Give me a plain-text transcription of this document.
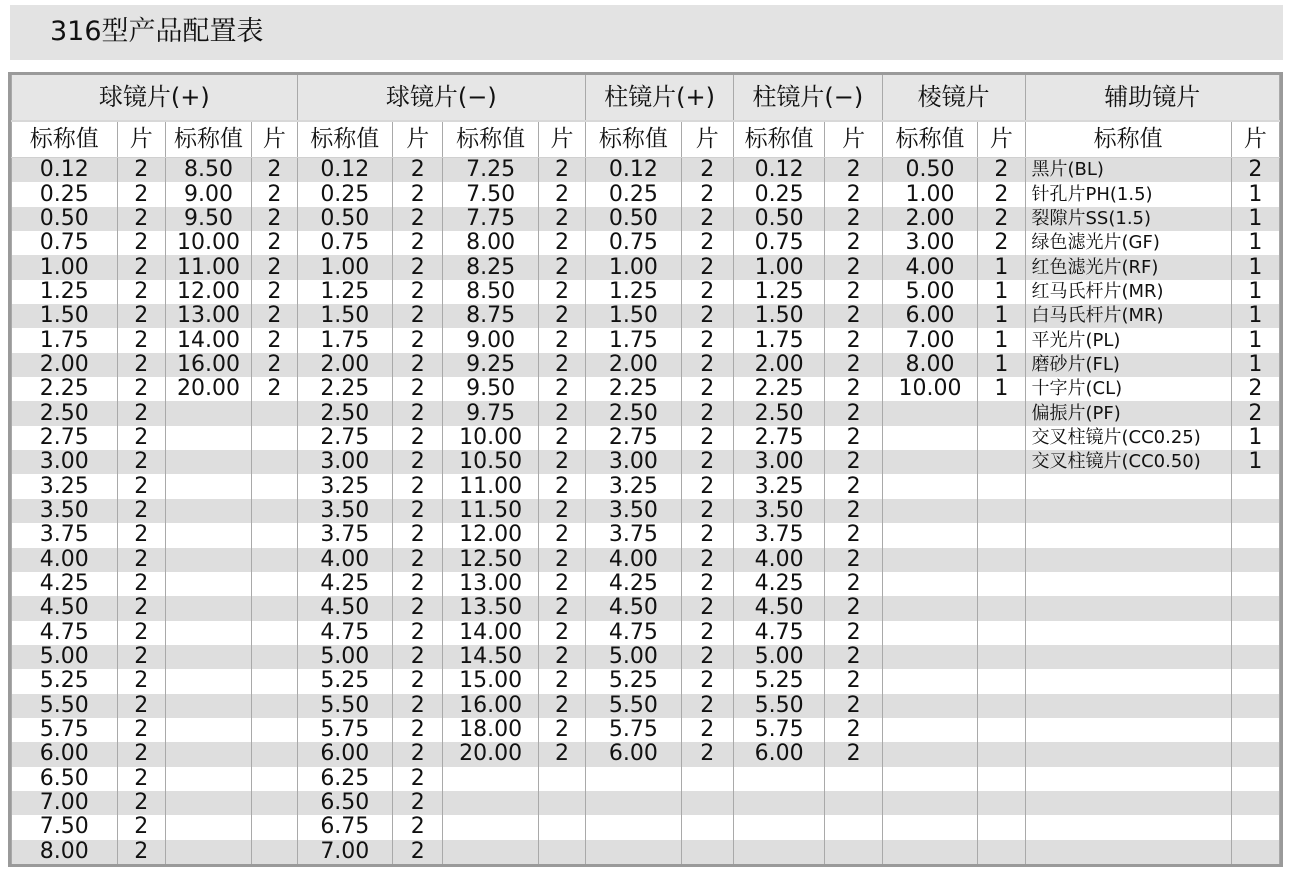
316型产品配置表
球镜片(+)				球镜片(−)				柱镜片(+)		柱镜片(−)		棱镜片		辅助镜片	
标称值	片	标称值	片	标称值	片	标称值	片	标称值	片	标称值	片	标称值	片	标称值	片
0.12	2	8.50	2	0.12	2	7.25	2	0.12	2	0.12	2	0.50	2	黑片(BL)	2
0.25	2	9.00	2	0.25	2	7.50	2	0.25	2	0.25	2	1.00	2	针孔片PH(1.5)	1
0.50	2	9.50	2	0.50	2	7.75	2	0.50	2	0.50	2	2.00	2	裂隙片SS(1.5)	1
0.75	2	10.00	2	0.75	2	8.00	2	0.75	2	0.75	2	3.00	2	绿色滤光片(GF)	1
1.00	2	11.00	2	1.00	2	8.25	2	1.00	2	1.00	2	4.00	1	红色滤光片(RF)	1
1.25	2	12.00	2	1.25	2	8.50	2	1.25	2	1.25	2	5.00	1	红马氏杆片(MR)	1
1.50	2	13.00	2	1.50	2	8.75	2	1.50	2	1.50	2	6.00	1	白马氏杆片(MR)	1
1.75	2	14.00	2	1.75	2	9.00	2	1.75	2	1.75	2	7.00	1	平光片(PL)	1
2.00	2	16.00	2	2.00	2	9.25	2	2.00	2	2.00	2	8.00	1	磨砂片(FL)	1
2.25	2	20.00	2	2.25	2	9.50	2	2.25	2	2.25	2	10.00	1	十字片(CL)	2
2.50	2			2.50	2	9.75	2	2.50	2	2.50	2			偏振片(PF)	2
2.75	2			2.75	2	10.00	2	2.75	2	2.75	2			交叉柱镜片(CC0.25)	1
3.00	2			3.00	2	10.50	2	3.00	2	3.00	2			交叉柱镜片(CC0.50)	1
3.25	2			3.25	2	11.00	2	3.25	2	3.25	2				
3.50	2			3.50	2	11.50	2	3.50	2	3.50	2				
3.75	2			3.75	2	12.00	2	3.75	2	3.75	2				
4.00	2			4.00	2	12.50	2	4.00	2	4.00	2				
4.25	2			4.25	2	13.00	2	4.25	2	4.25	2				
4.50	2			4.50	2	13.50	2	4.50	2	4.50	2				
4.75	2			4.75	2	14.00	2	4.75	2	4.75	2				
5.00	2			5.00	2	14.50	2	5.00	2	5.00	2				
5.25	2			5.25	2	15.00	2	5.25	2	5.25	2				
5.50	2			5.50	2	16.00	2	5.50	2	5.50	2				
5.75	2			5.75	2	18.00	2	5.75	2	5.75	2				
6.00	2			6.00	2	20.00	2	6.00	2	6.00	2				
6.50	2			6.25	2										
7.00	2			6.50	2										
7.50	2			6.75	2										
8.00	2			7.00	2										
